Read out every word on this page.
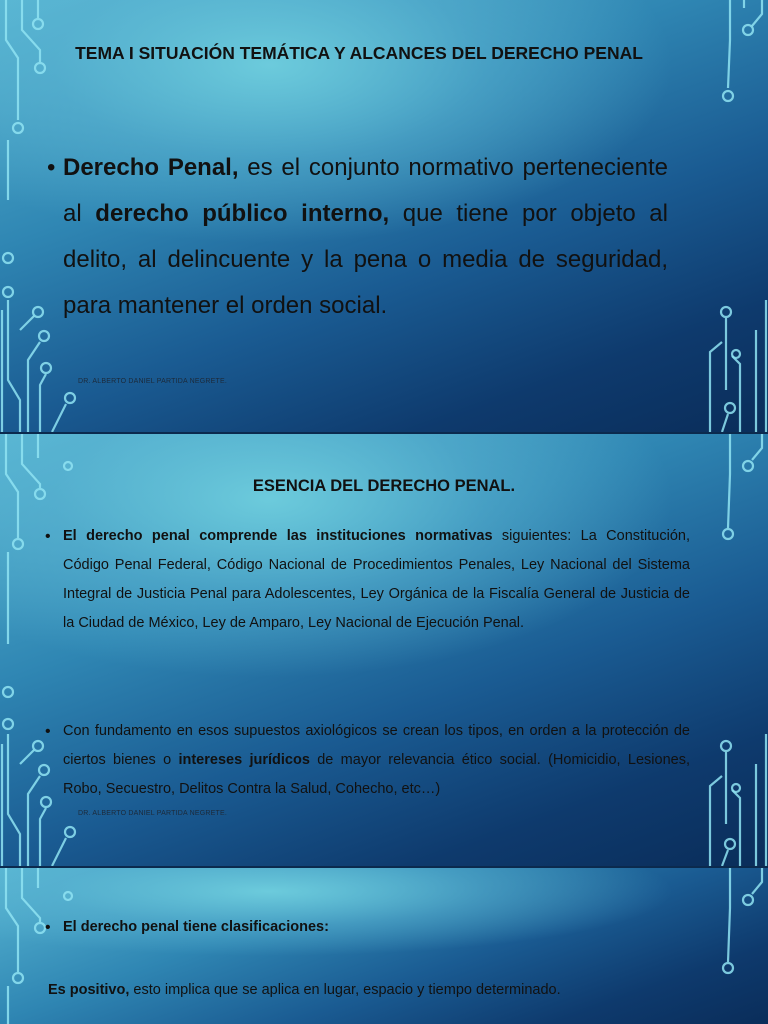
TEMA I SITUACIÓN TEMÁTICA Y ALCANCES DEL DERECHO PENAL
• Derecho Penal, es el conjunto normativo perteneciente al derecho público interno, que tiene por objeto al delito, al delincuente y la pena o media de seguridad, para mantener el orden social.
DR. ALBERTO DANIEL PARTIDA NEGRETE.
ESENCIA DEL DERECHO PENAL.
• El derecho penal comprende las instituciones normativas siguientes: La Constitución, Código Penal Federal, Código Nacional de Procedimientos Penales, Ley Nacional del Sistema Integral de Justicia Penal para Adolescentes, Ley Orgánica de la Fiscalía General de Justicia de la Ciudad de México, Ley de Amparo, Ley Nacional de Ejecución Penal.
• Con fundamento en esos supuestos axiológicos se crean los tipos, en orden a la protección de ciertos bienes o intereses jurídicos de mayor relevancia ético social. (Homicidio, Lesiones, Robo, Secuestro, Delitos Contra la Salud, Cohecho, etc…)
DR. ALBERTO DANIEL PARTIDA NEGRETE.
• El derecho penal tiene clasificaciones:
Es positivo, esto implica que se aplica en lugar, espacio y tiempo determinado.
